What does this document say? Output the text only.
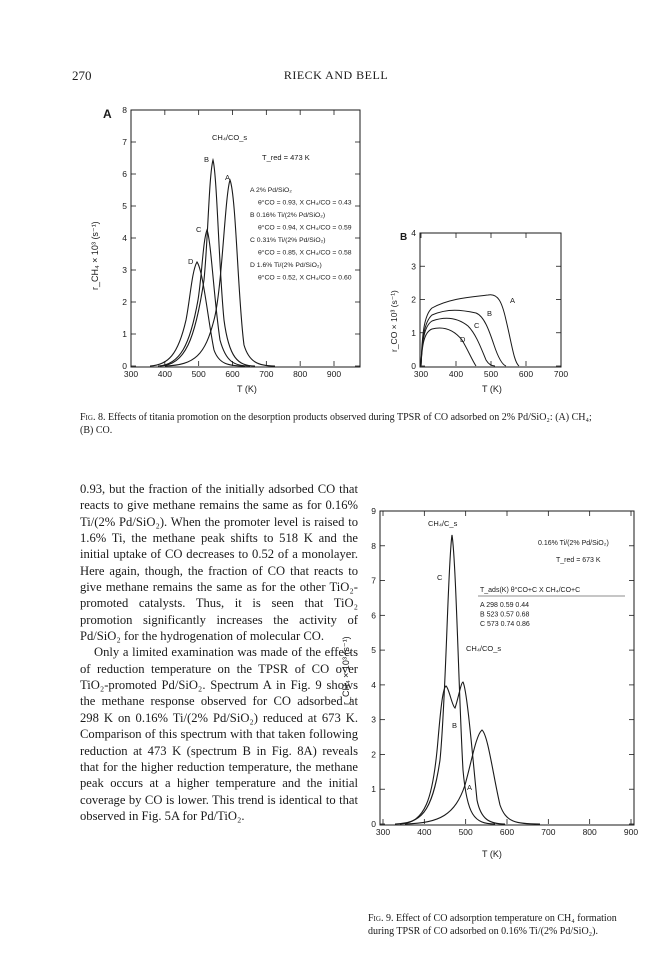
270	RIECK AND BELL
A
0
1
2
3
4
5
6
7
8
300 400 500 600 700 800 900
r_CH₄ × 10³ (s⁻¹)
T (K)
CH₄/CO_s
T_red = 473 K
A 2% Pd/SiO₂
θ°CO = 0.93, X CH₄/CO = 0.43
B 0.16% Ti/(2% Pd/SiO₂)
θ°CO = 0.94, X CH₄/CO = 0.59
C 0.31% Ti/(2% Pd/SiO₂)
θ°CO = 0.85, X CH₄/CO = 0.58
D 1.6% Ti/(2% Pd/SiO₂)
θ°CO = 0.52, X CH₄/CO = 0.60
B
A
C
D
B
0
1
2
3
4
300 400 500 600 700
r_CO × 10³ (s⁻¹)
T (K)
A
B
C
D
0
1
2
3
4
5
6
7
8
9
300	400	500	600	700	800	900
r_CH₄ × 10³ (s⁻¹)
T (K)
CH₄/C_s
0.16% Ti/(2% Pd/SiO₂)
T_red = 673 K
T_ads(K) θ°CO+C X CH₄/CO+C
A 298 0.59 0.44
B 523 0.57 0.68
C 573 0.74 0.86
CH₄/CO_s
C
B
A
Fig. 8. Effects of titania promotion on the desorption products observed during TPSR of CO adsorbed on 2% Pd/SiO₂: (A) CH₄; (B) CO.

0.93, but the fraction of the initially adsorbed CO that reacts to give methane remains the same as for 0.16% Ti/(2% Pd/SiO₂). When the promoter level is raised to 1.6% Ti, the methane peak shifts to 518 K and the initial uptake of CO decreases to 0.52 of a monolayer. Here again, though, the fraction of CO that reacts to give methane remains the same as for the other TiO₂-promoted catalysts. Thus, it is seen that TiO₂ promotion significantly increases the activity of Pd/SiO₂ for the hydrogenation of molecular CO.

Only a limited examination was made of the effects of reduction temperature on the TPSR of CO over TiO₂-promoted Pd/SiO₂. Spectrum A in Fig. 9 shows the methane response observed for CO adsorbed at 298 K on 0.16% Ti/(2% Pd/SiO₂) reduced at 673 K. Comparison of this spectrum with that taken following reduction at 473 K (spectrum B in Fig. 8A) reveals that for the higher reduction temperature, the methane peak occurs at a higher temperature and the initial coverage by CO is lower. This trend is identical to that observed in Fig. 5A for Pd/TiO₂.

Fig. 9. Effect of CO adsorption temperature on CH₄ formation during TPSR of CO adsorbed on 0.16% Ti/(2% Pd/SiO₂).
